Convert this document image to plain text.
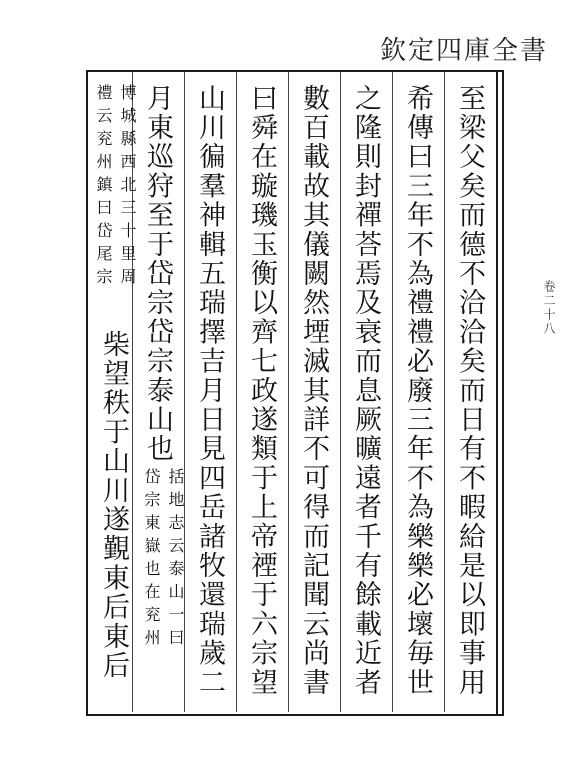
欽定四庫全書
卷二十八
至梁父矣而德不洽洽矣而日有不暇給是以即事用
希傳曰三年不為禮禮必廢三年不為樂樂必壞毎世
之隆則封禪荅焉及衰而息厥曠遠者千有餘載近者
數百載故其儀闕然堙滅其詳不可得而記聞云尚書
曰舜在璇璣玉衡以齊七政遂類于上帝禋于六宗望
山川徧羣神輯五瑞擇吉月日見四岳諸牧還瑞歲二
月東巡狩至于岱宗岱宗泰山也
括地志云泰山一曰
岱宗東嶽也在兖州
博城縣西北三十里周
禮云兖州鎮曰岱尾宗
柴望秩于山川遂覲東后東后
